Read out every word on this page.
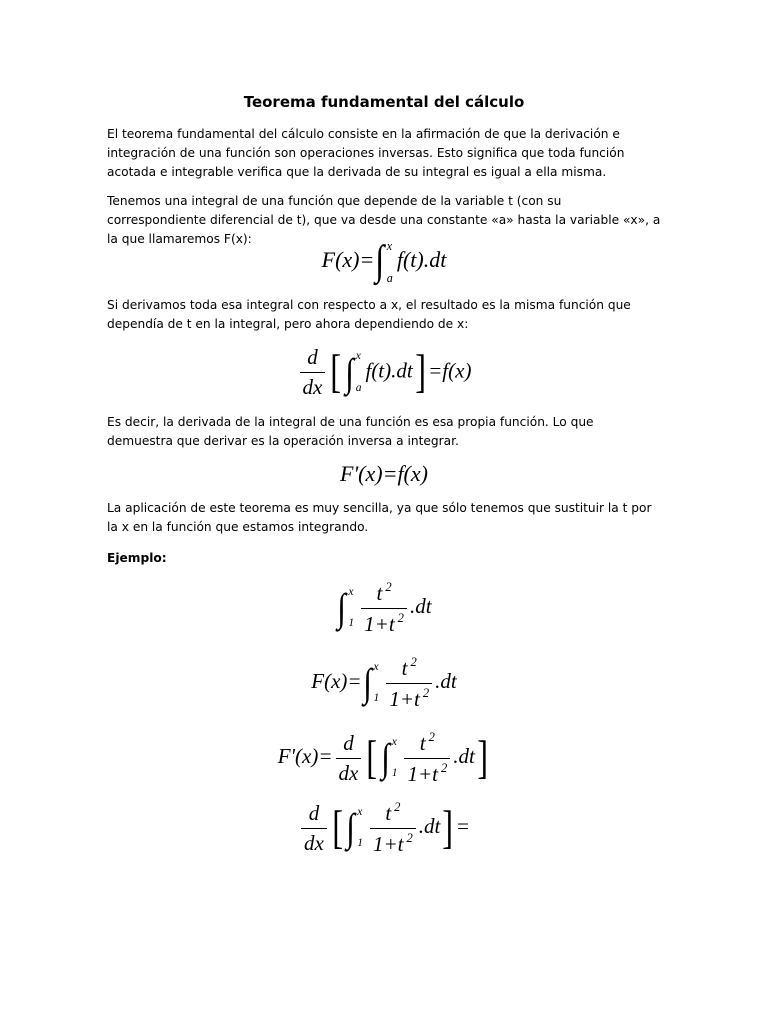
Teorema fundamental del cálculo
El teorema fundamental del cálculo consiste en la afirmación de que la derivación e integración de una función son operaciones inversas. Esto significa que toda función acotada e integrable verifica que la derivada de su integral es igual a ella misma.
Tenemos una integral de una función que depende de la variable t (con su correspondiente diferencial de t), que va desde una constante «a» hasta la variable «x», a la que llamaremos F(x):
F(x)=∫ x
a
f(t).dt
Si derivamos toda esa integral con respecto a x, el resultado es la misma función que dependía de t en la integral, pero ahora dependiendo de x:
$\frac{d}{dx}$ [∫ x
a
f(t).dt] =f(x)
Es decir, la derivada de la integral de una función es esa propia función. Lo que demuestra que derivar es la operación inversa a integrar.
F'(x)=f(x)
La aplicación de este teorema es muy sencilla, ya que sólo tenemos que sustituir la t por la x en la función que estamos integrando.
Ejemplo:
∫ x
$1 \frac{t ^2}{1+t ^2} .dt$
F(x)=∫ x
$1 \frac{t ^2}{1+t ^2} .dt$
$F'(x)= \frac{d}{dx}$ [∫ x
$1 \frac{t ^2}{1+t ^2} .dt$]
$\frac{d}{dx}$ [∫ x
$1 \frac{t ^2}{1+t ^2} .dt$] =
